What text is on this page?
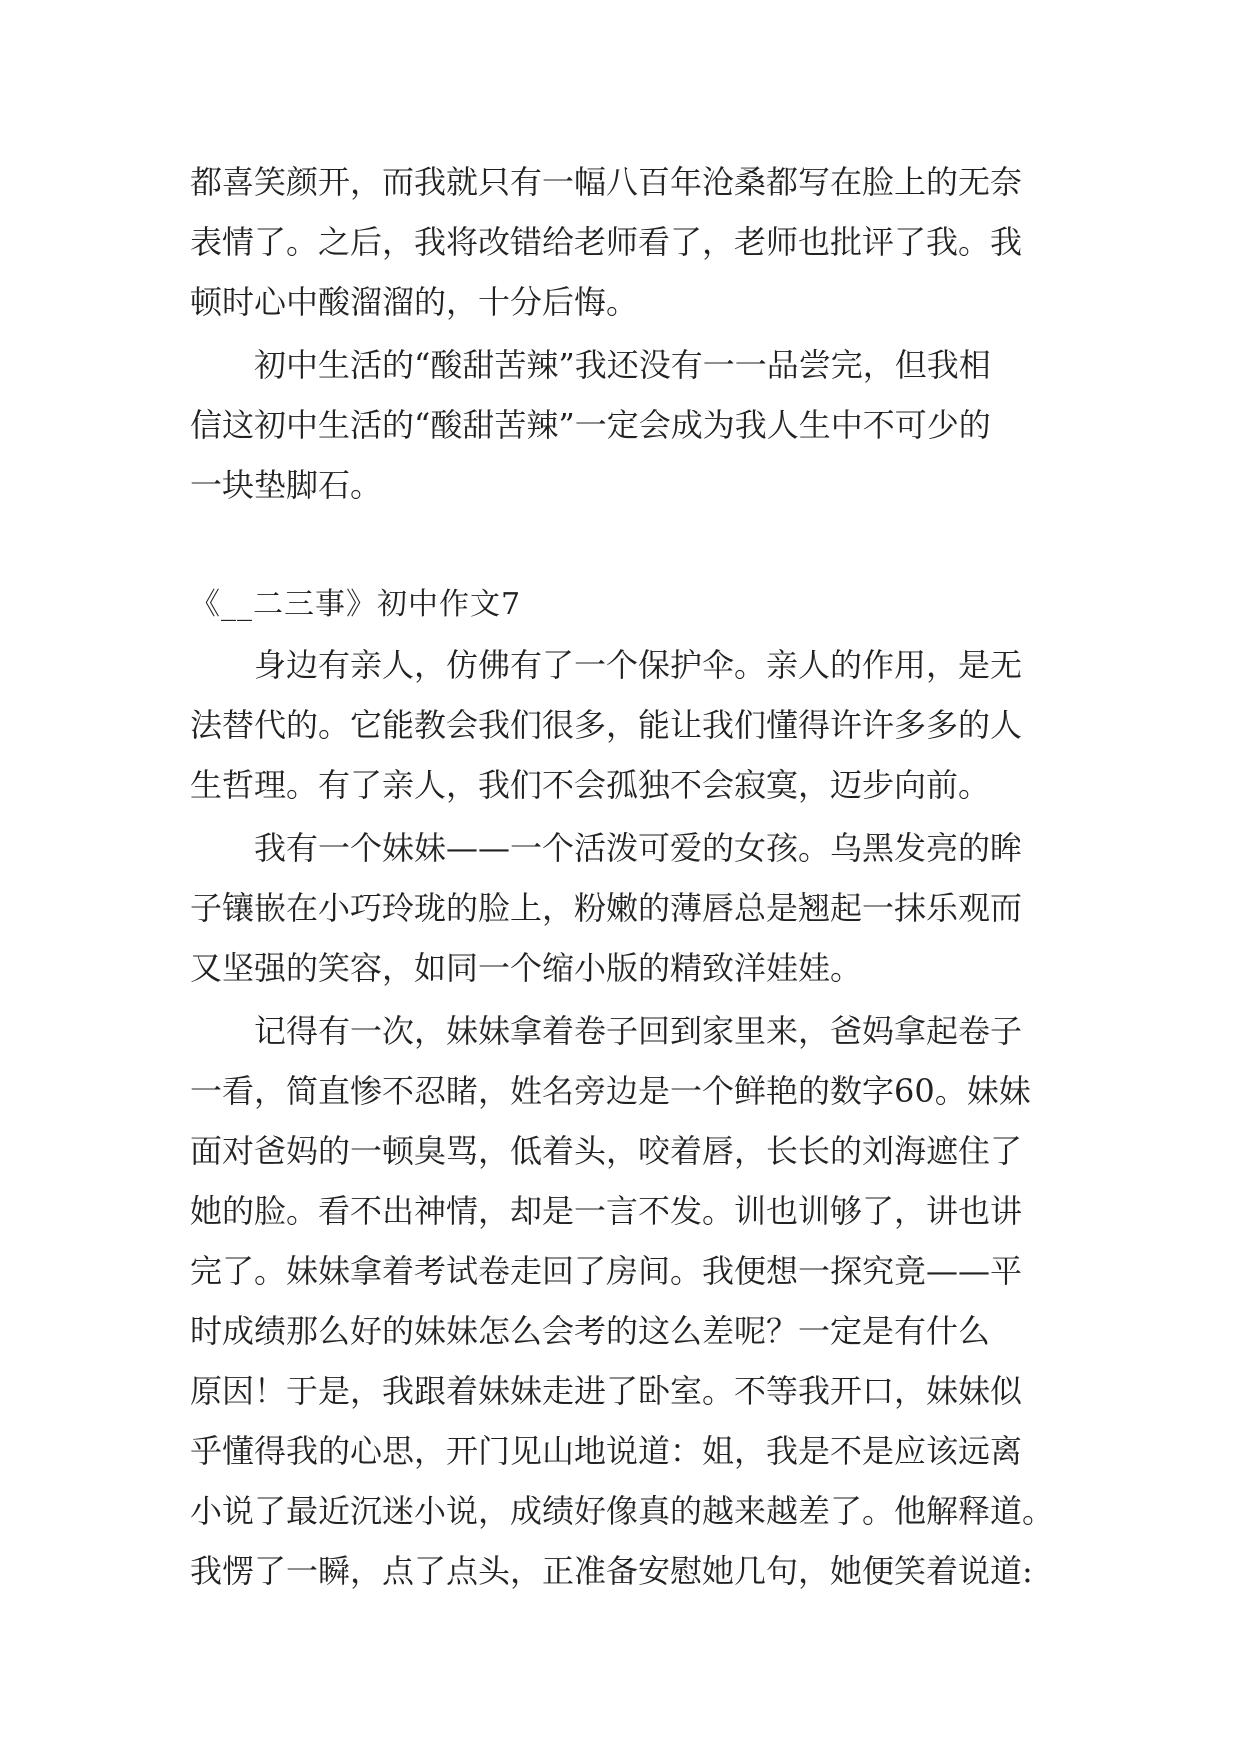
都喜笑颜开，而我就只有一幅八百年沧桑都写在脸上的无奈
表情了。之后，我将改错给老师看了，老师也批评了我。我
顿时心中酸溜溜的，十分后悔。
初中生活的“酸甜苦辣”我还没有一一品尝完，但我相
信这初中生活的“酸甜苦辣”一定会成为我人生中不可少的
一块垫脚石。
《__二三事》初中作文7
身边有亲人，仿佛有了一个保护伞。亲人的作用，是无
法替代的。它能教会我们很多，能让我们懂得许许多多的人
生哲理。有了亲人，我们不会孤独不会寂寞，迈步向前。
我有一个妹妹——一个活泼可爱的女孩。乌黑发亮的眸
子镶嵌在小巧玲珑的脸上，粉嫩的薄唇总是翘起一抹乐观而
又坚强的笑容，如同一个缩小版的精致洋娃娃。
记得有一次，妹妹拿着卷子回到家里来，爸妈拿起卷子
一看，简直惨不忍睹，姓名旁边是一个鲜艳的数字60。妹妹
面对爸妈的一顿臭骂，低着头，咬着唇，长长的刘海遮住了
她的脸。看不出神情，却是一言不发。训也训够了，讲也讲
完了。妹妹拿着考试卷走回了房间。我便想一探究竟——平
时成绩那么好的妹妹怎么会考的这么差呢？一定是有什么
原因！于是，我跟着妹妹走进了卧室。不等我开口，妹妹似
乎懂得我的心思，开门见山地说道：姐，我是不是应该远离
小说了最近沉迷小说，成绩好像真的越来越差了。他解释道。
我愣了一瞬，点了点头，正准备安慰她几句，她便笑着说道:
